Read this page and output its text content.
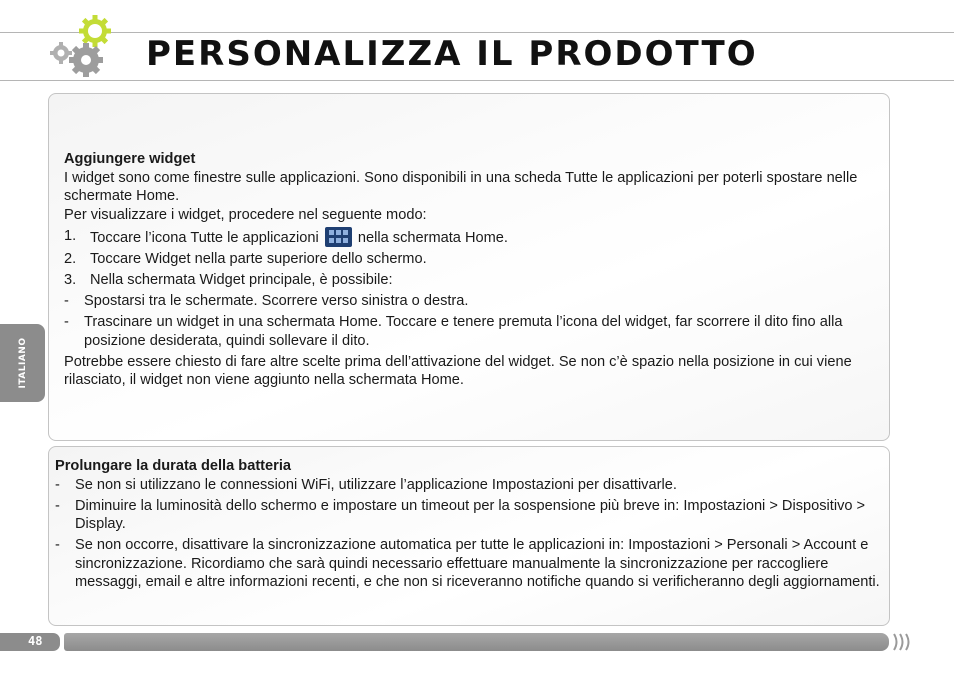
PERSONALIZZA IL PRODOTTO
Aggiungere widget
I widget sono come finestre sulle applicazioni. Sono disponibili in una scheda Tutte le applicazioni per poterli spostare nelle schermate Home.
Per visualizzare i widget, procedere nel seguente modo:
1. Toccare l’icona Tutte le applicazioni	nella schermata Home.
2. Toccare Widget nella parte superiore dello schermo.
3. Nella schermata Widget principale, è possibile:
- Spostarsi tra le schermate. Scorrere verso sinistra o destra.
- Trascinare un widget in una schermata Home. Toccare e tenere premuta l’icona del widget, far scorrere il dito fino alla posizione desiderata, quindi sollevare il dito.
Potrebbe essere chiesto di fare altre scelte prima dell’attivazione del widget. Se non c’è spazio nella posizione in cui viene rilasciato, il widget non viene aggiunto nella schermata Home.
Prolungare la durata della batteria
- Se non si utilizzano le connessioni WiFi, utilizzare l’applicazione Impostazioni per disattivarle.
- Diminuire la luminosità dello schermo e impostare un timeout per la sospensione più breve in: Impostazioni > Dispositivo > Display.
- Se non occorre, disattivare la sincronizzazione automatica per tutte le applicazioni in: Impostazioni > Personali > Account e sincronizzazione. Ricordiamo che sarà quindi necessario effettuare manualmente la sincronizzazione per raccogliere messaggi, email e altre informazioni recenti, e che non si riceveranno notifiche quando si verificheranno degli aggiornamenti.
ITALIANO
48
